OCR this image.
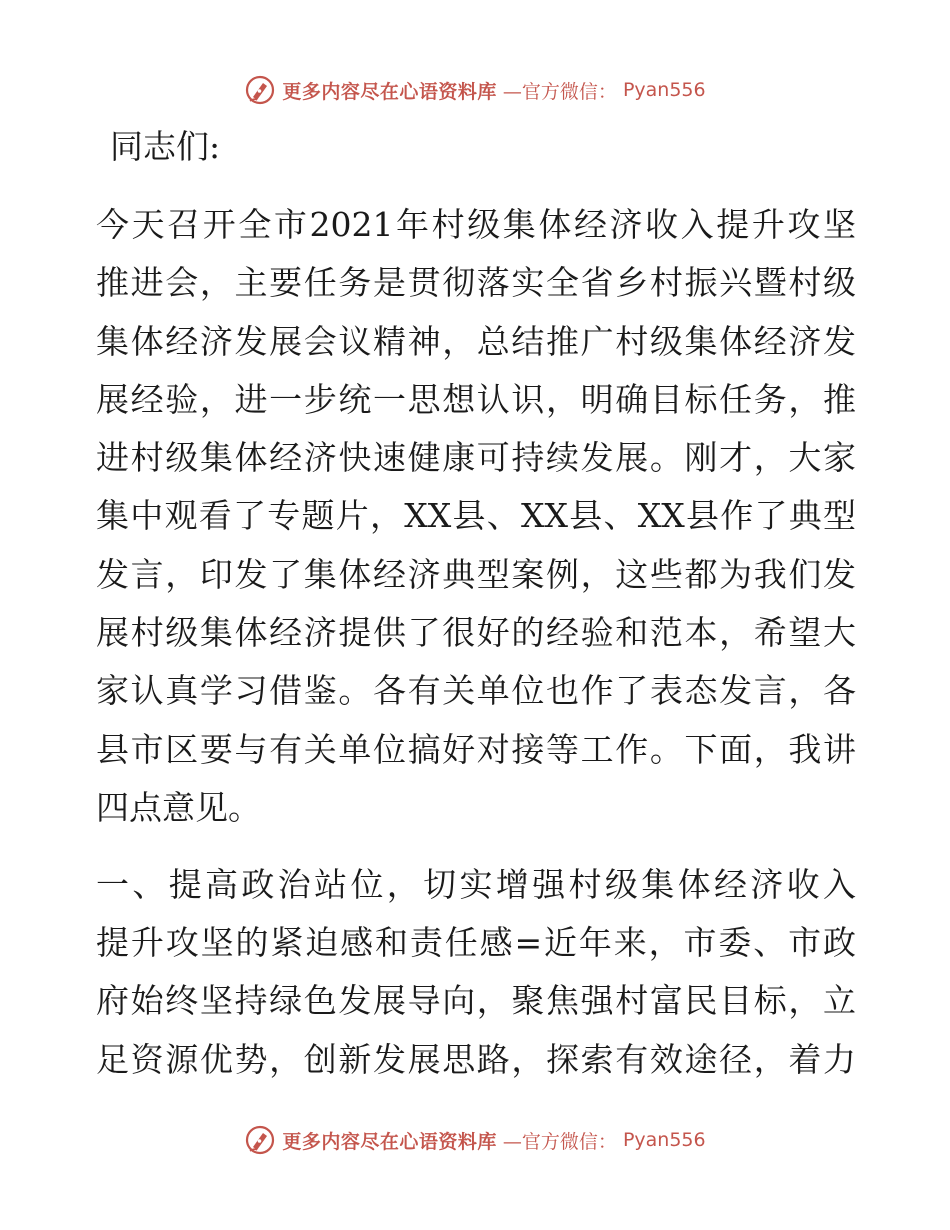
更多内容尽在心语资料库 —官方微信： Pyan556
同志们:
今天召开全市2021年村级集体经济收入提升攻坚
推进会，主要任务是贯彻落实全省乡村振兴暨村级
集体经济发展会议精神，总结推广村级集体经济发
展经验，进一步统一思想认识，明确目标任务，推
进村级集体经济快速健康可持续发展。刚才，大家
集中观看了专题片，XX县、XX县、XX县作了典型
发言，印发了集体经济典型案例，这些都为我们发
展村级集体经济提供了很好的经验和范本，希望大
家认真学习借鉴。各有关单位也作了表态发言，各
县市区要与有关单位搞好对接等工作。下面，我讲
四点意见。
一、提高政治站位，切实增强村级集体经济收入
提升攻坚的紧迫感和责任感=近年来，市委、市政
府始终坚持绿色发展导向，聚焦强村富民目标，立
足资源优势，创新发展思路，探索有效途径，着力
更多内容尽在心语资料库 —官方微信： Pyan556
